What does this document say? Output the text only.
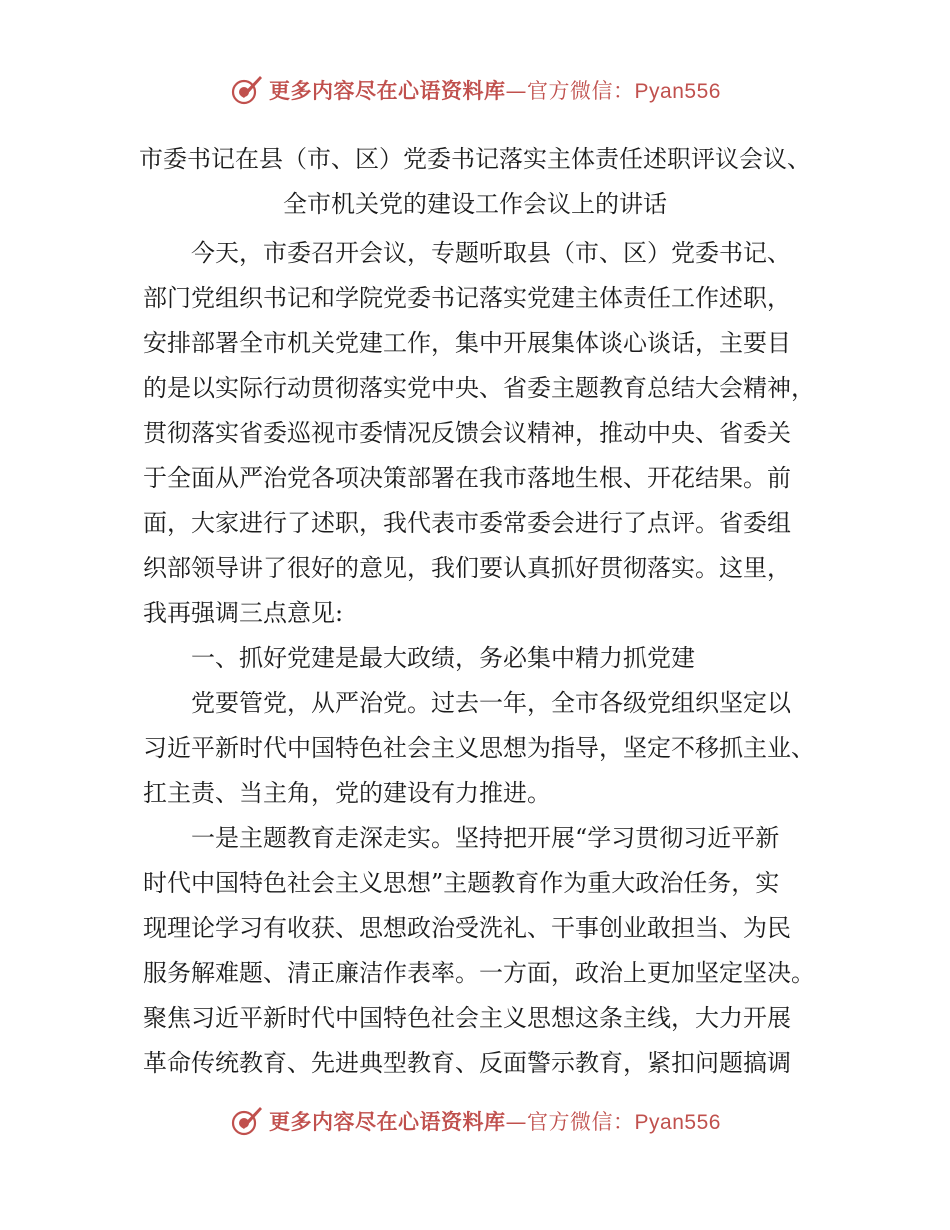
更多内容尽在心语资料库—官方微信：Pyan556
市委书记在县（市、区）党委书记落实主体责任述职评议会议、
全市机关党的建设工作会议上的讲话
今天，市委召开会议，专题听取县（市、区）党委书记、
部门党组织书记和学院党委书记落实党建主体责任工作述职，
安排部署全市机关党建工作，集中开展集体谈心谈话，主要目
的是以实际行动贯彻落实党中央、省委主题教育总结大会精神，
贯彻落实省委巡视市委情况反馈会议精神，推动中央、省委关
于全面从严治党各项决策部署在我市落地生根、开花结果。前
面，大家进行了述职，我代表市委常委会进行了点评。省委组
织部领导讲了很好的意见，我们要认真抓好贯彻落实。这里，
我再强调三点意见:
一、抓好党建是最大政绩，务必集中精力抓党建
党要管党，从严治党。过去一年，全市各级党组织坚定以
习近平新时代中国特色社会主义思想为指导，坚定不移抓主业、
扛主责、当主角，党的建设有力推进。
一是主题教育走深走实。坚持把开展“学习贯彻习近平新
时代中国特色社会主义思想”主题教育作为重大政治任务，实
现理论学习有收获、思想政治受洗礼、干事创业敢担当、为民
服务解难题、清正廉洁作表率。一方面，政治上更加坚定坚决。
聚焦习近平新时代中国特色社会主义思想这条主线，大力开展
革命传统教育、先进典型教育、反面警示教育，紧扣问题搞调
更多内容尽在心语资料库—官方微信：Pyan556
